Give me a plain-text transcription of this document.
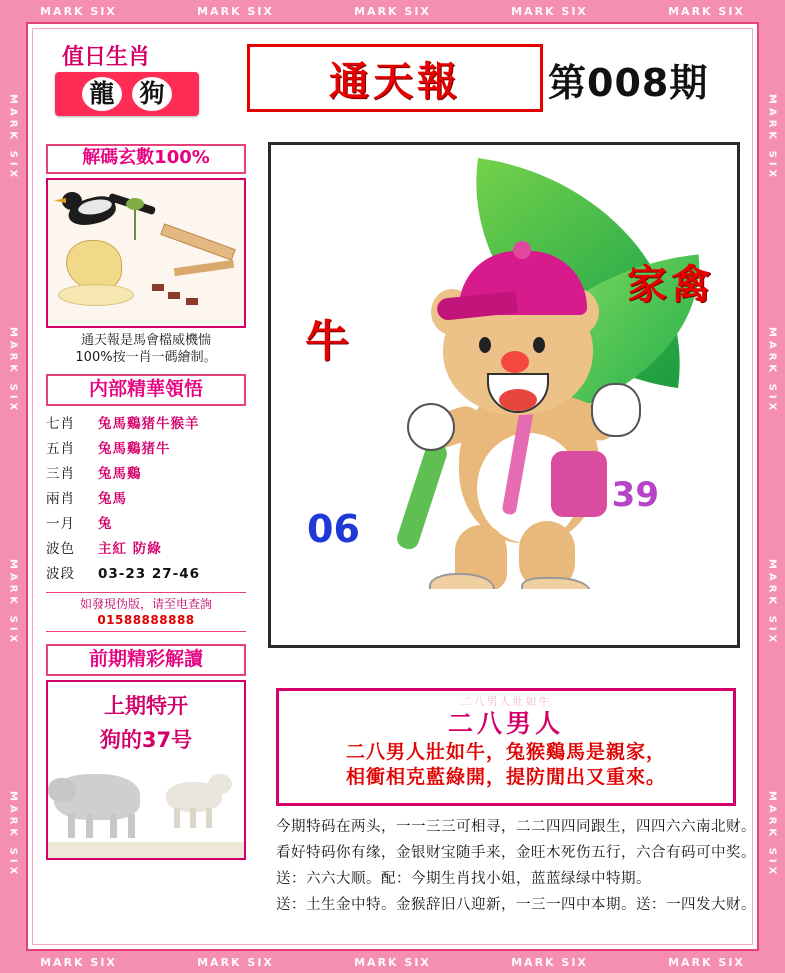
MARK SIX	MARK SIX	MARK SIX	MARK SIX	MARK SIX
MARK SIX	MARK SIX	MARK SIX	MARK SIX	MARK SIX
MARK SIX
MARK SIX
MARK SIX
MARK SIX
MARK SIX
MARK SIX
MARK SIX
MARK SIX
值日生肖
龍 狗	通天報 第008期
解碼玄數100%
通天報是馬會檔威機惴
100%按一肖一碼繪制。
内部精華領悟
七肖	兔馬鷄猪牛猴羊
五肖	兔馬鷄猪牛
三肖	兔馬鷄
兩肖	兔馬
一月	兔
波色	主紅 防綠
波段	03-23 27-46
如發現伪版，请至电查詢
01588888888
前期精彩解讀
上期特开
狗的37号
牛
家禽
06
39
二八男人壯如牛
二八男人
二八男人壯如牛，兔猴鷄馬是親家，
相衝相克藍綠開，提防閒出又重來。
今期特码在两头，一一三三可相寻，二二四四同跟生，四四六六南北财。
看好特码你有缘，金银财宝随手来，金旺木死伤五行，六合有码可中奖。
送：六六大顺。配：今期生肖找小姐，蓝蓝绿绿中特期。
送：土生金中特。金猴辞旧八迎新，一三一四中本期。送：一四发大财。
